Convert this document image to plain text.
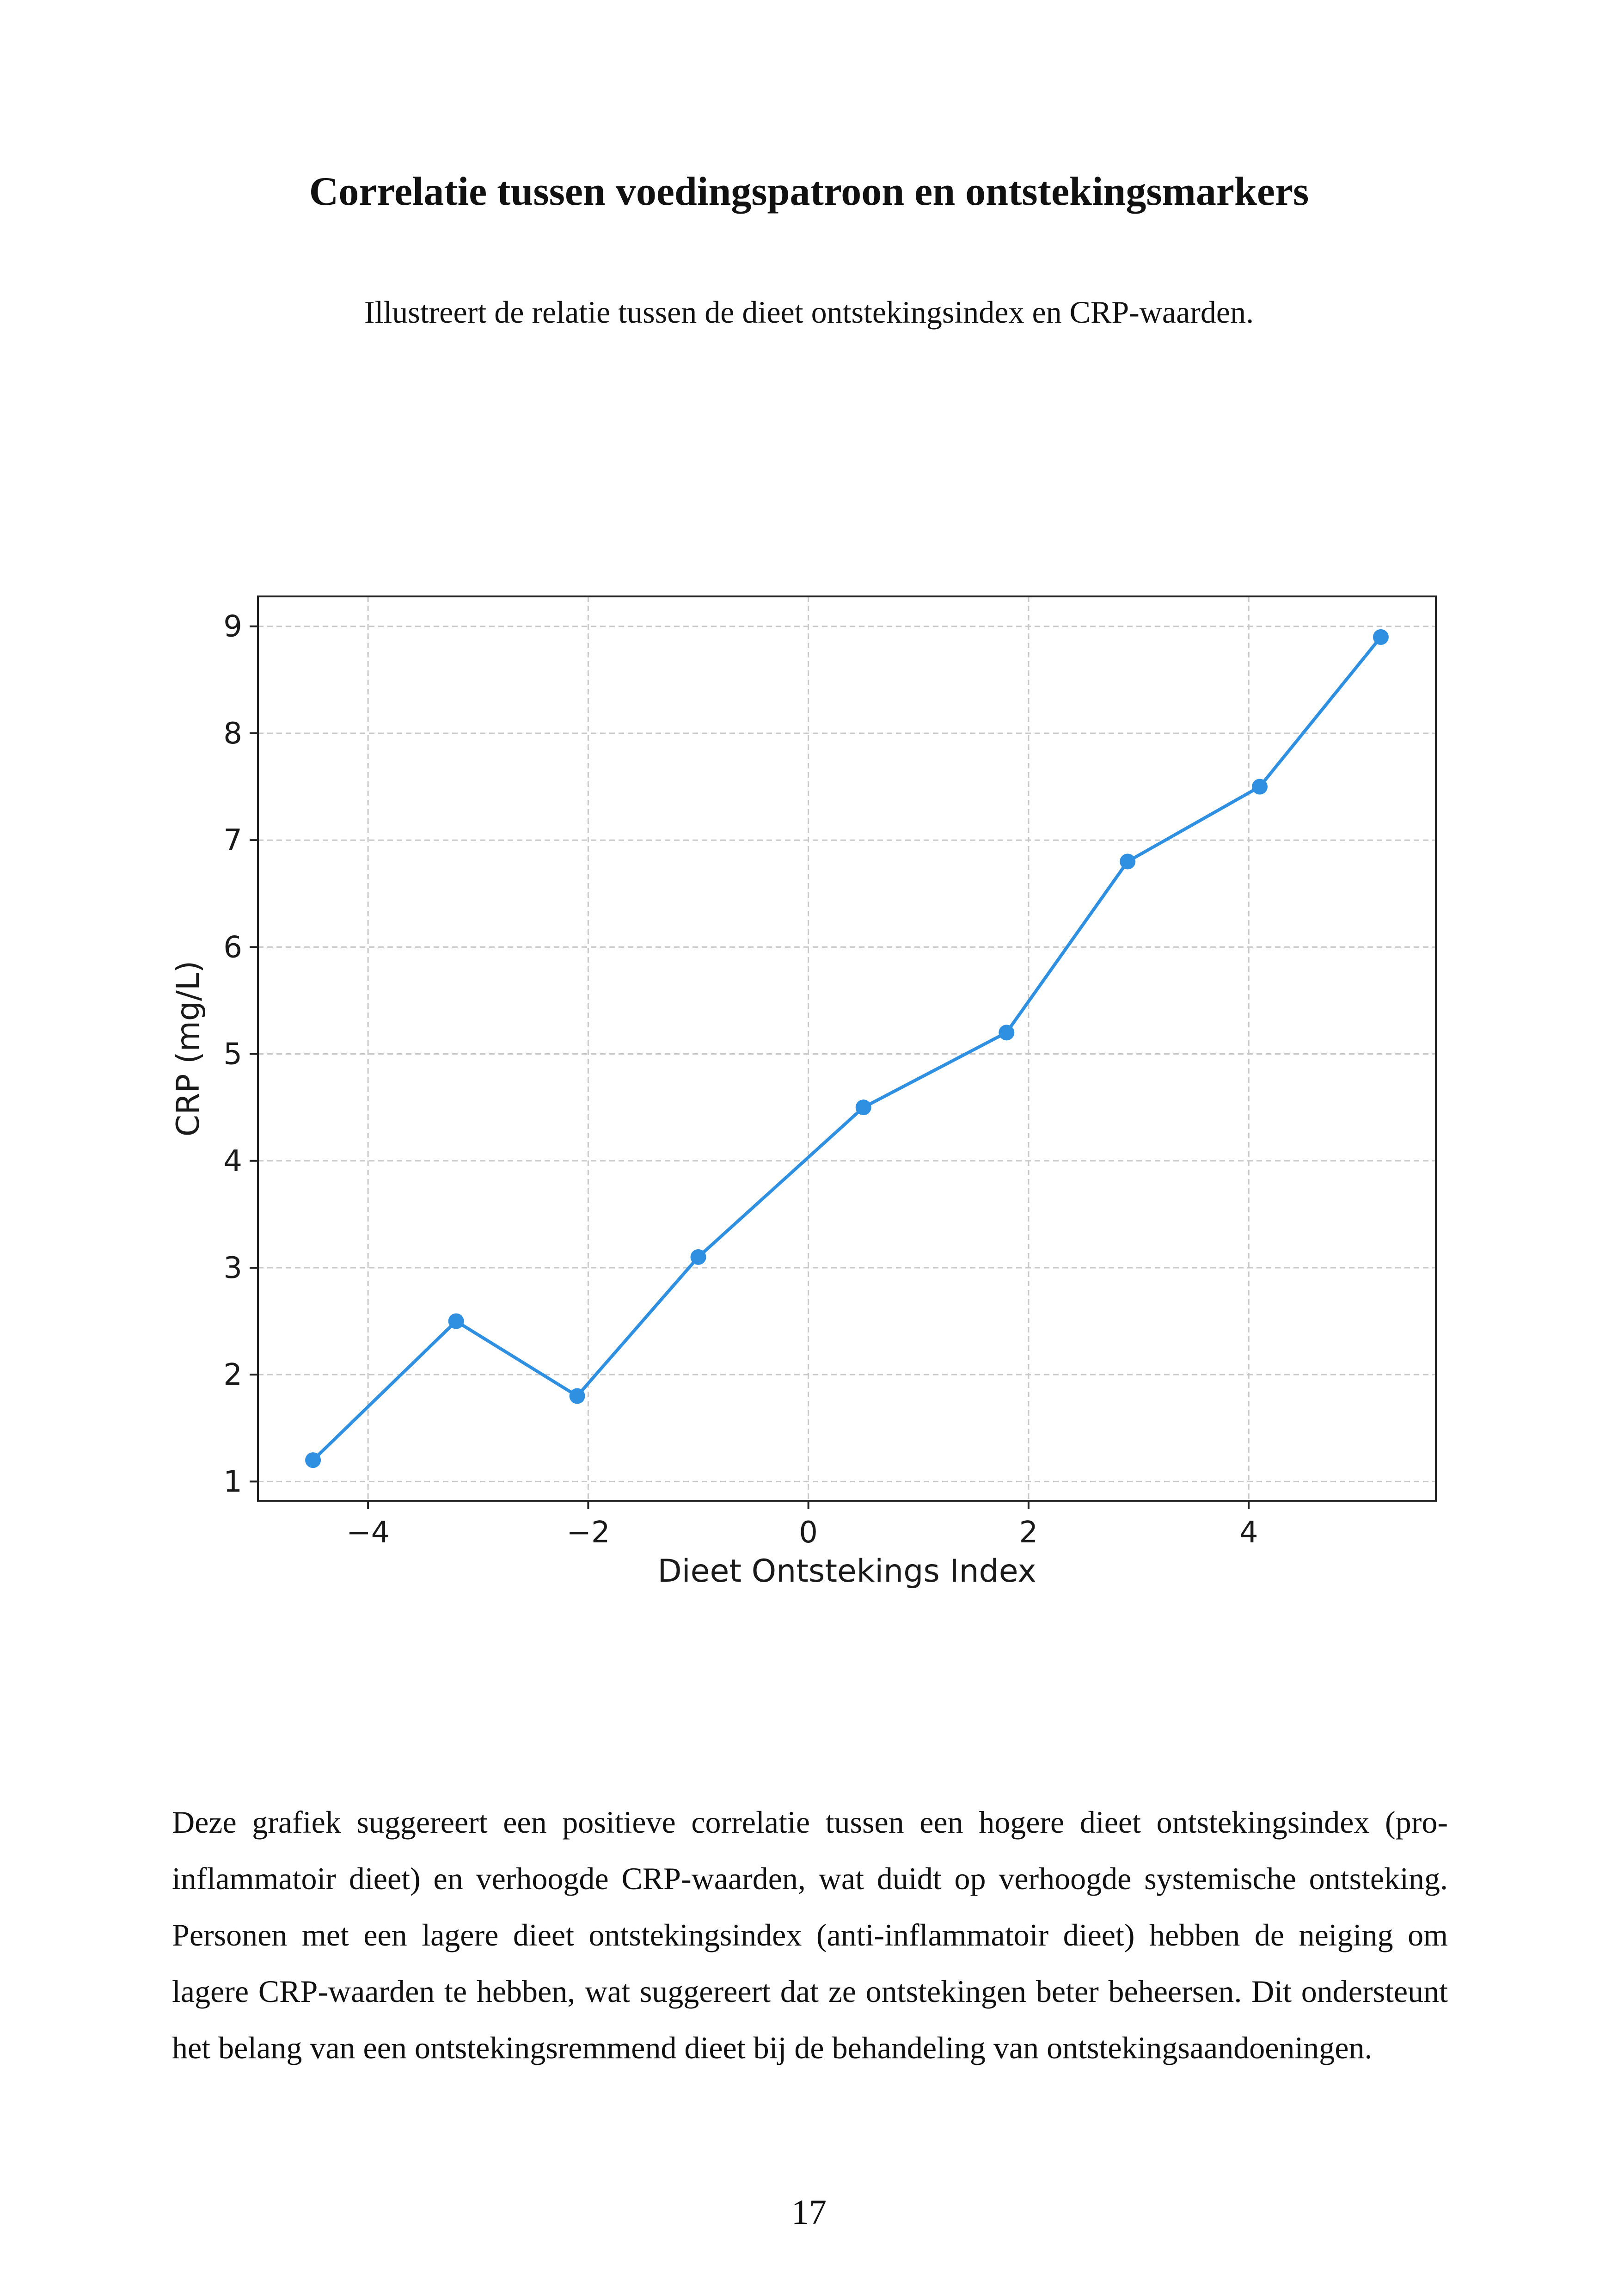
Correlatie tussen voedingspatroon en ontstekingsmarkers
Illustreert de relatie tussen de dieet ontstekingsindex en CRP-waarden.
−4	−2	0	2	4
1
2
3
4
5
6
7
8
9
Dieet Ontstekings Index
CRP (mg/L)

Deze grafiek suggereert een positieve correlatie tussen een hogere dieet ontstekingsindex (pro-inflammatoir dieet) en verhoogde CRP-waarden, wat duidt op verhoogde systemische ontsteking. Personen met een lagere dieet ontstekingsindex (anti-inflammatoir dieet) hebben de neiging om lagere CRP-waarden te hebben, wat suggereert dat ze ontstekingen beter beheersen. Dit ondersteunt het belang van een ontstekingsremmend dieet bij de behandeling van ontstekingsaandoeningen.

17
